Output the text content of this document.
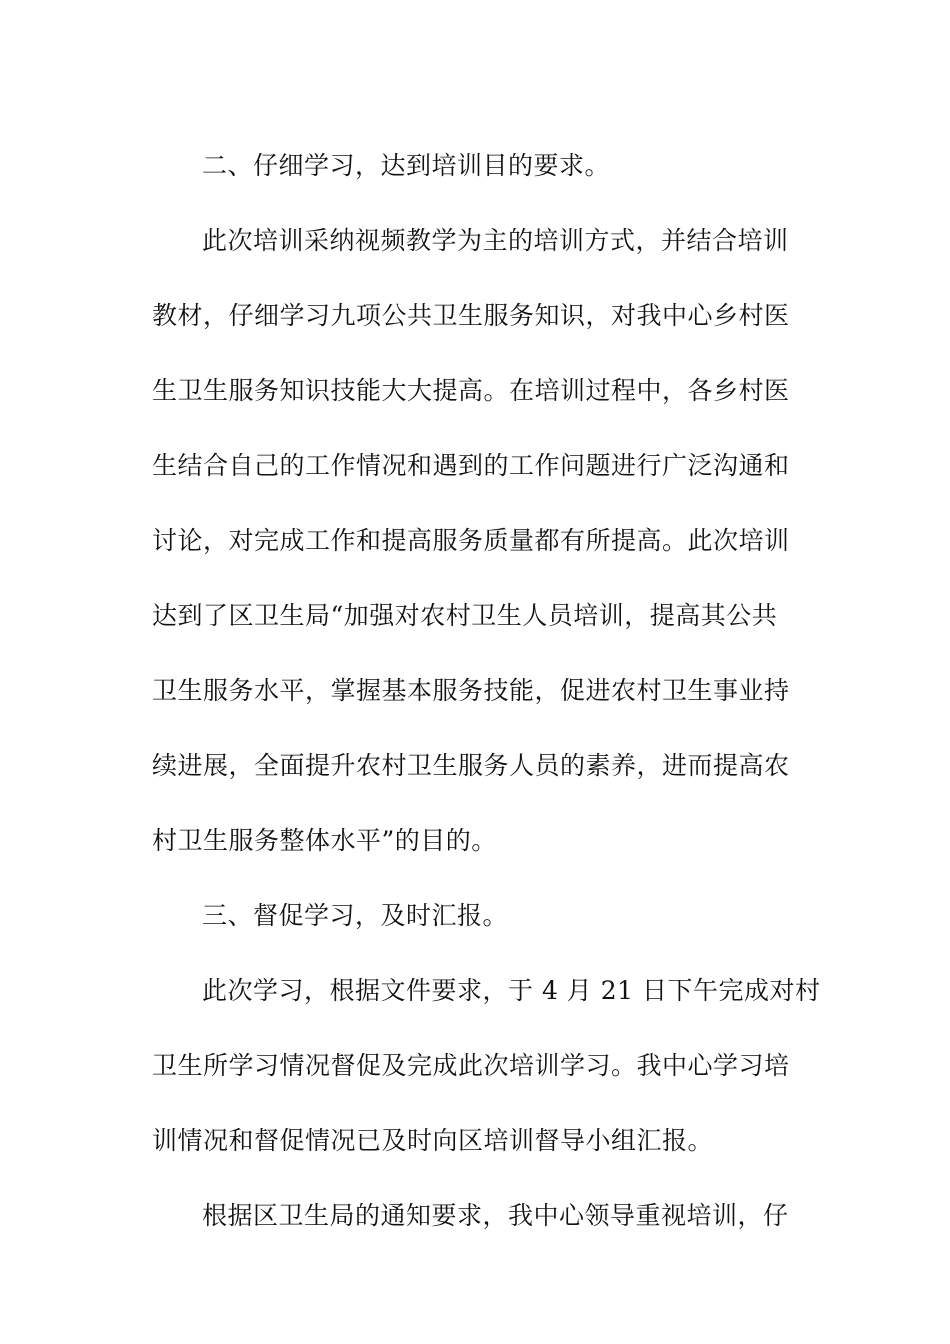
二、仔细学习，达到培训目的要求。
此次培训采纳视频教学为主的培训方式，并结合培训
教材，仔细学习九项公共卫生服务知识，对我中心乡村医
生卫生服务知识技能大大提高。在培训过程中，各乡村医
生结合自己的工作情况和遇到的工作问题进行广泛沟通和
讨论，对完成工作和提高服务质量都有所提高。此次培训
达到了区卫生局“加强对农村卫生人员培训，提高其公共
卫生服务水平，掌握基本服务技能，促进农村卫生事业持
续进展，全面提升农村卫生服务人员的素养，进而提高农
村卫生服务整体水平”的目的。
三、督促学习，及时汇报。
此次学习，根据文件要求，于 4 月 21 日下午完成对村
卫生所学习情况督促及完成此次培训学习。我中心学习培
训情况和督促情况已及时向区培训督导小组汇报。
根据区卫生局的通知要求，我中心领导重视培训，仔
